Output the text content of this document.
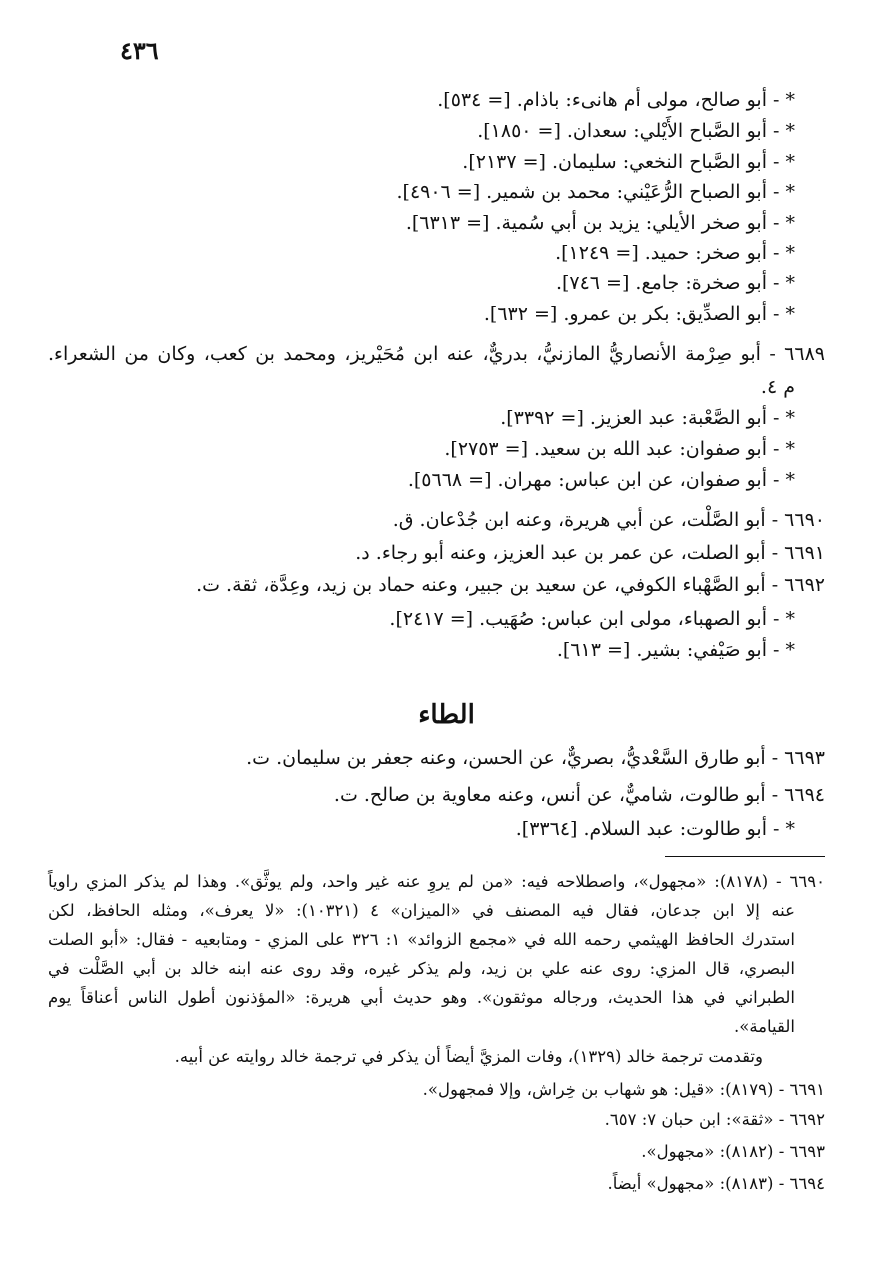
٤٣٦
* - أبو صالح، مولى أم هانىء: باذام. [= ٥٣٤].
* - أبو الصَّباح الأَيْلي: سعدان. [= ١٨٥٠].
* - أبو الصَّباح النخعي: سليمان. [= ٢١٣٧].
* - أبو الصباح الرُّعَيْني: محمد بن شمير. [= ٤٩٠٦].
* - أبو صخر الأيلي: يزيد بن أبي سُمية. [= ٦٣١٣].
* - أبو صخر: حميد. [= ١٢٤٩].
* - أبو صخرة: جامع. [= ٧٤٦].
* - أبو الصدِّيق: بكر بن عمرو. [= ٦٣٢].
٦٦٨٩ - أبو صِرْمة الأنصاريُّ المازنيُّ، بدريٌّ، عنه ابن مُحَيْريز، ومحمد بن كعب، وكان من الشعراء.
م ٤.
* - أبو الصَّعْبة: عبد العزيز. [= ٣٣٩٢].
* - أبو صفوان: عبد الله بن سعيد. [= ٢٧٥٣].
* - أبو صفوان، عن ابن عباس: مهران. [= ٥٦٦٨].
٦٦٩٠ - أبو الصَّلْت، عن أبي هريرة، وعنه ابن جُدْعان. ق.
٦٦٩١ - أبو الصلت، عن عمر بن عبد العزيز، وعنه أبو رجاء. د.
٦٦٩٢ - أبو الصَّهْباء الكوفي، عن سعيد بن جبير، وعنه حماد بن زيد، وعِدَّة، ثقة. ت.
* - أبو الصهباء، مولى ابن عباس: صُهَيب. [= ٢٤١٧].
* - أبو صَيْفي: بشير. [= ٦١٣].
الطاء
٦٦٩٣ - أبو طارق السَّعْديُّ، بصريٌّ، عن الحسن، وعنه جعفر بن سليمان. ت.
٦٦٩٤ - أبو طالوت، شاميٌّ، عن أنس، وعنه معاوية بن صالح. ت.
* - أبو طالوت: عبد السلام. [٣٣٦٤].
٦٦٩٠ - (٨١٧٨): «مجهول»، واصطلاحه فيه: «من لم يروِ عنه غير واحد، ولم يوثَّق». وهذا لم يذكر المزي راوياً
عنه إلا ابن جدعان، فقال فيه المصنف في «الميزان» ٤ (١٠٣٢١): «لا يعرف»، ومثله الحافظ، لكن
استدرك الحافظ الهيثمي رحمه الله في «مجمع الزوائد» ١: ٣٢٦ على المزي - ومتابعيه - فقال: «أبو الصلت
البصري، قال المزي: روى عنه علي بن زيد، ولم يذكر غيره، وقد روى عنه ابنه خالد بن أبي الصَّلْت في
الطبراني في هذا الحديث، ورجاله موثقون». وهو حديث أبي هريرة: «المؤذنون أطول الناس أعناقاً يوم
القيامة».
وتقدمت ترجمة خالد (١٣٢٩)، وفات المزيَّ أيضاً أن يذكر في ترجمة خالد روايته عن أبيه.
٦٦٩١ - (٨١٧٩): «قيل: هو شهاب بن خِراش، وإلا فمجهول».
٦٦٩٢ - «ثقة»: ابن حبان ٧: ٦٥٧.
٦٦٩٣ - (٨١٨٢): «مجهول».
٦٦٩٤ - (٨١٨٣): «مجهول» أيضاً.
